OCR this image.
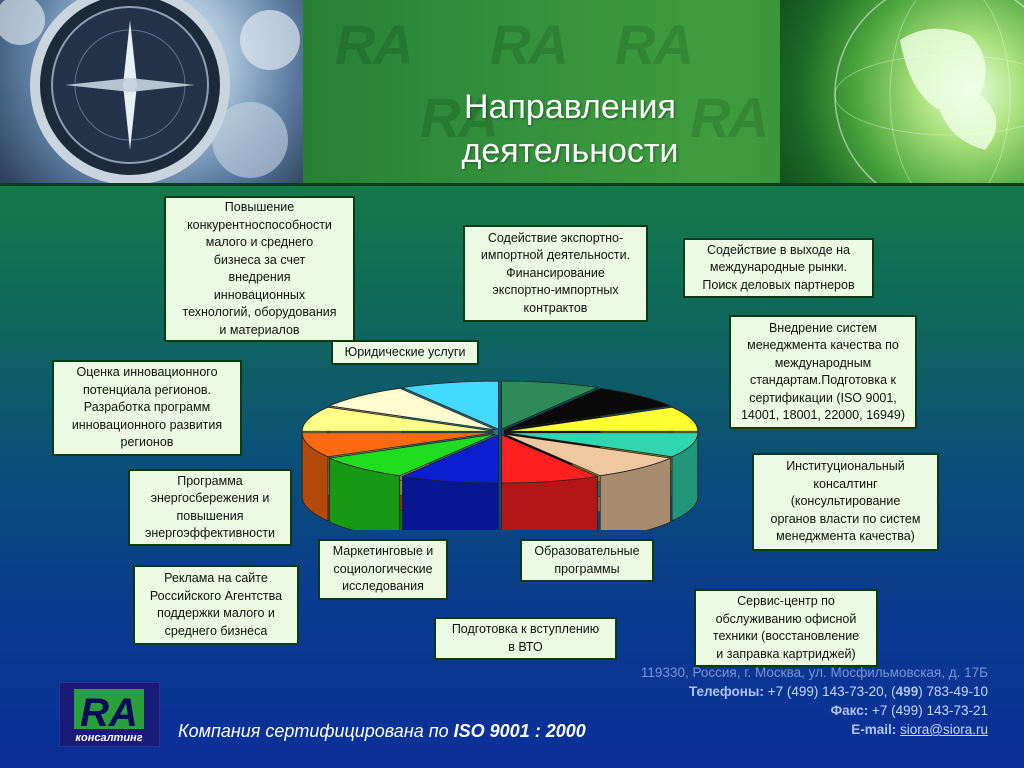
RA RA RA
RA	RA
Направления
деятельности
Повышение
конкурентноспособности
малого и среднего
бизнеса за счет
внедрения
инновационных
технологий, оборудования
и материалов
Содействие экспортно-
импортной деятельности.
Финансирование
экспортно-импортных
контрактов
Содействие в выходе на
международные рынки.
Поиск деловых партнеров
Юридические услуги
Внедрение систем
менеджмента качества по
международным
стандартам.Подготовка к
сертификации (ISO 9001,
14001, 18001, 22000, 16949)
Оценка инновационного
потенциала регионов.
Разработка программ
инновационного развития
регионов
Институциональный
консалтинг
(консультирование
органов власти по систем
менеджмента качества)
Программа
энергосбережения и
повышения
энергоэффективности
Маркетинговые и
социологические
исследования
Образовательные
программы
Реклама на сайте
Российского Агентства
поддержки малого и
среднего бизнеса
Сервис-центр по
обслуживанию офисной
техники (восстановление
и заправка картриджей)
Подготовка к вступлению
в ВТО
119330, Россия, г. Москва, ул. Мосфильмовская, д. 17Б
Телефоны: +7 (499) 143-73-20, (499) 783-49-10
Факс: +7 (499) 143-73-21
E-mail: siora@siora.ru
RA
консалтинг Компания сертифицирована по ISO 9001 : 2000
